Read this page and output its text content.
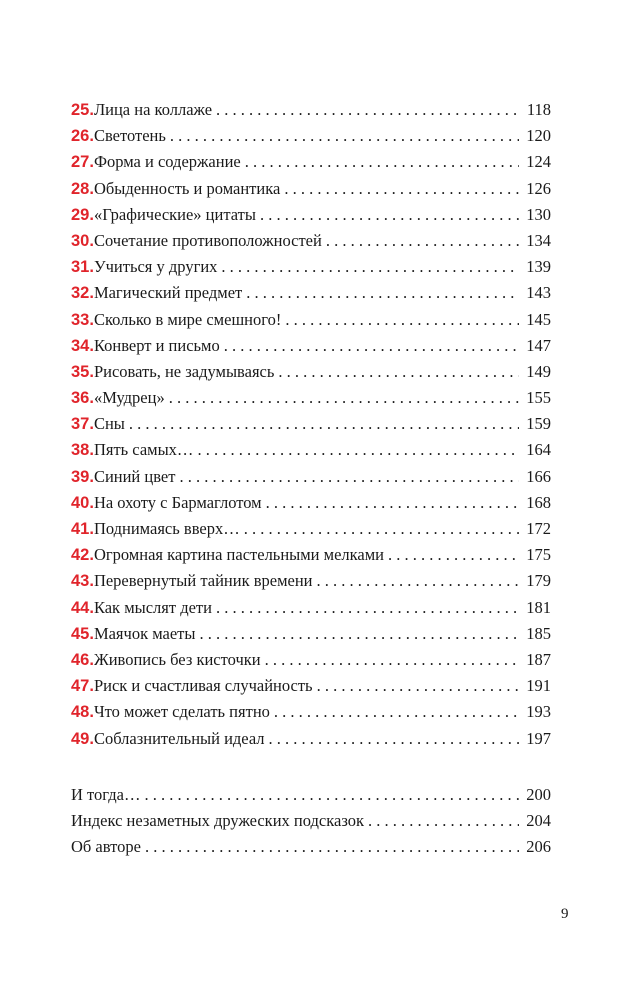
25. Лица на коллаже . . .	118
26. Светотень . . .	120
27. Форма и содержание . . .	124
28. Обыденность и романтика . . .	126
29. «Графические» цитаты . . .	130
30. Сочетание противоположностей . . .	134
31. Учиться у других . . .	139
32. Магический предмет . . .	143
33. Сколько в мире смешного! . . .	145
34. Конверт и письмо . . .	147
35. Рисовать, не задумываясь . . .	149
36. «Мудрец» . . .	155
37. Сны . . .	159
38. Пять самых… . . .	164
39. Синий цвет . . .	166
40. На охоту с Бармаглотом . . .	168
41. Поднимаясь вверх… . . .	172
42. Огромная картина пастельными мелками . . .	175
43. Перевернутый тайник времени . . .	179
44. Как мыслят дети . . .	181
45. Маячок маеты . . .	185
46. Живопись без кисточки . . .	187
47. Риск и счастливая случайность . . .	191
48. Что может сделать пятно . . .	193
49. Соблазнительный идеал . . .	197
И тогда… . . .	200
Индекс незаметных дружеских подсказок . . .	204
Об авторе . . .	206
9
